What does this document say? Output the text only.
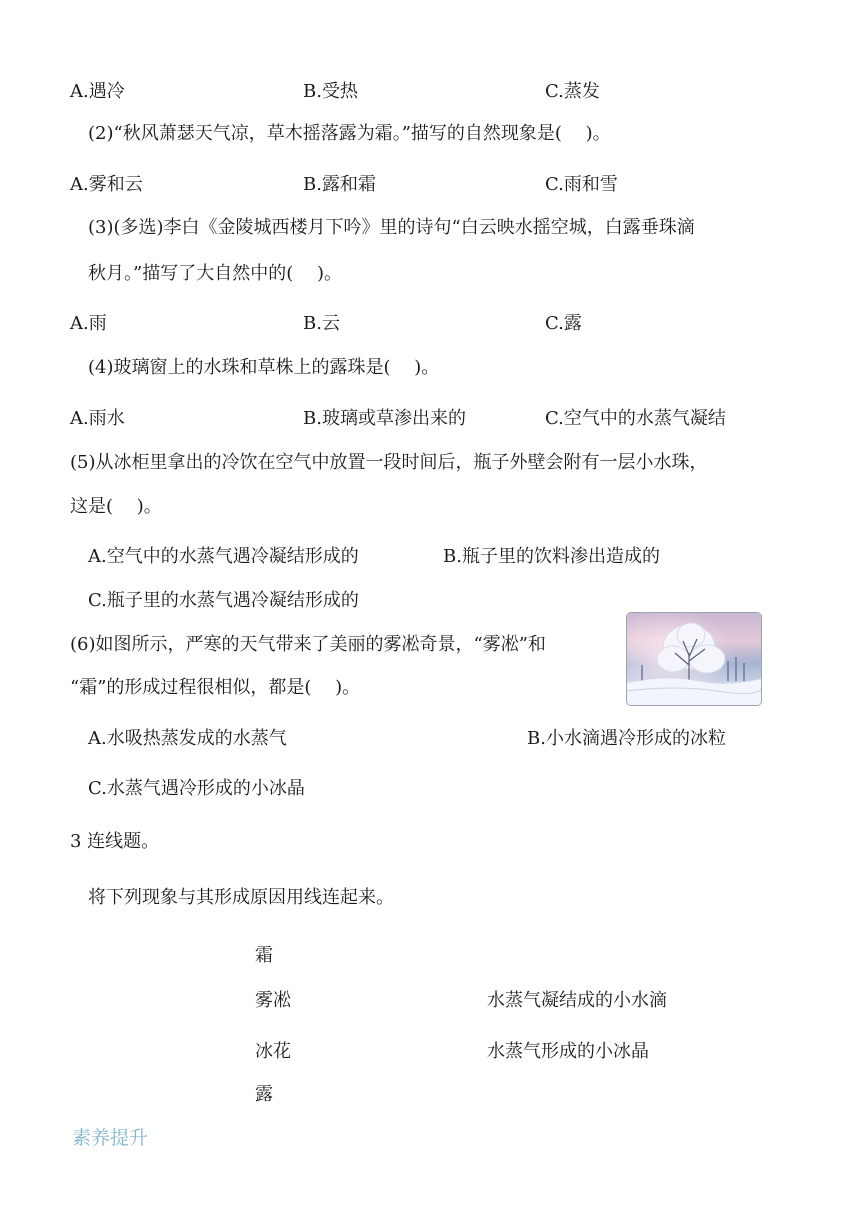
A.遇冷	B.受热	C.蒸发
(2)“秋风萧瑟天气凉，草木摇落露为霜。”描写的自然现象是(　 )。
A.雾和云	B.露和霜	C.雨和雪
(3)(多选)李白《金陵城西楼月下吟》里的诗句“白云映水摇空城，白露垂珠滴
秋月。”描写了大自然中的(　 )。
A.雨	B.云	C.露
(4)玻璃窗上的水珠和草株上的露珠是(　 )。
A.雨水	B.玻璃或草渗出来的	C.空气中的水蒸气凝结
(5)从冰柜里拿出的冷饮在空气中放置一段时间后，瓶子外壁会附有一层小水珠，
这是(　 )。
A.空气中的水蒸气遇冷凝结形成的	B.瓶子里的饮料渗出造成的
C.瓶子里的水蒸气遇冷凝结形成的
(6)如图所示，严寒的天气带来了美丽的雾凇奇景，“雾凇”和
“霜”的形成过程很相似，都是(　 )。
A.水吸热蒸发成的水蒸气	B.小水滴遇冷形成的冰粒
C.水蒸气遇冷形成的小冰晶
3 连线题。
将下列现象与其形成原因用线连起来。
霜
雾凇
冰花
露
水蒸气凝结成的小水滴
水蒸气形成的小冰晶
素养提升
